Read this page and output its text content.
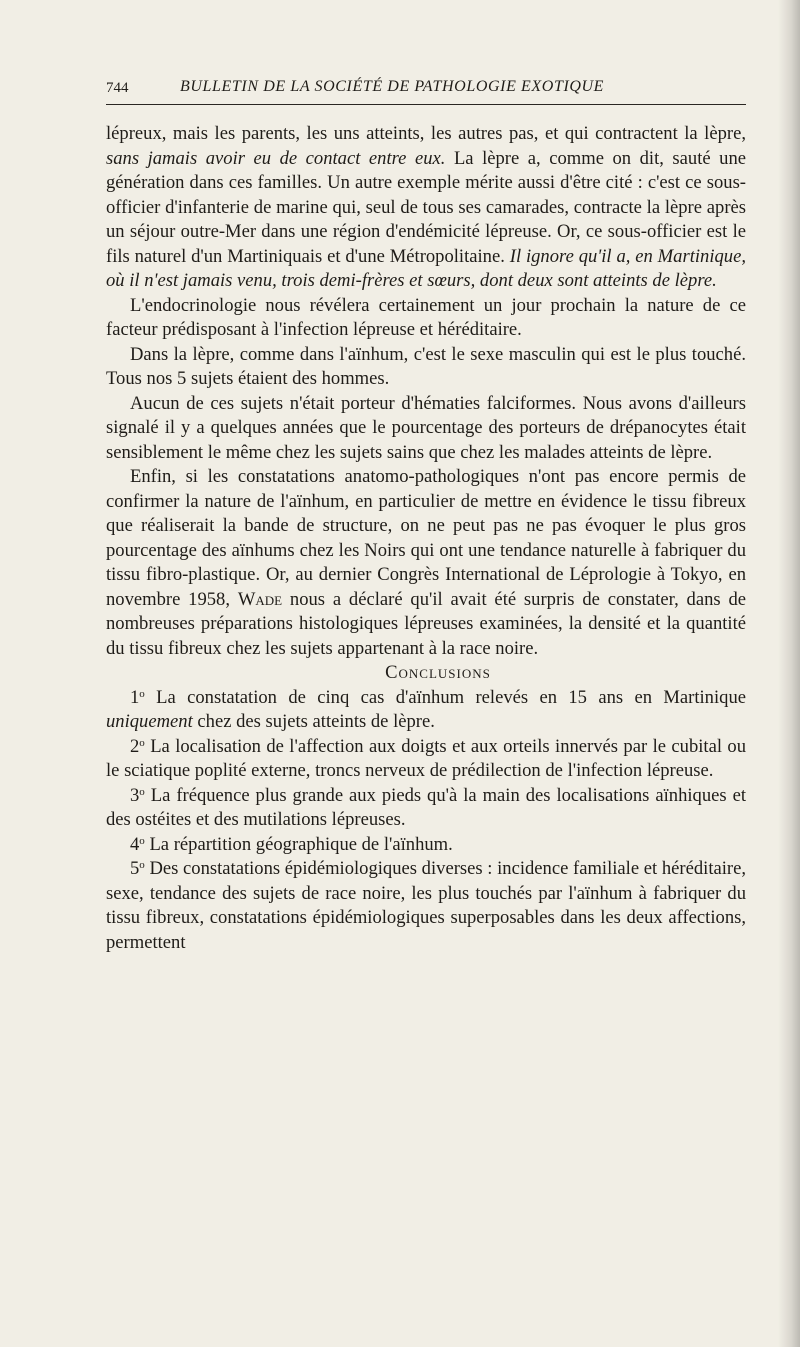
744	BULLETIN DE LA SOCIÉTÉ DE PATHOLOGIE EXOTIQUE

lépreux, mais les parents, les uns atteints, les autres pas, et qui contractent la lèpre, sans jamais avoir eu de contact entre eux. La lèpre a, comme on dit, sauté une génération dans ces familles. Un autre exemple mérite aussi d'être cité : c'est ce sous-officier d'infanterie de marine qui, seul de tous ses camarades, contracte la lèpre après un séjour outre-Mer dans une région d'endémicité lépreuse. Or, ce sous-officier est le fils naturel d'un Martiniquais et d'une Métropolitaine. Il ignore qu'il a, en Martinique, où il n'est jamais venu, trois demi-frères et sœurs, dont deux sont atteints de lèpre.

L'endocrinologie nous révélera certainement un jour prochain la nature de ce facteur prédisposant à l'infection lépreuse et héréditaire.

Dans la lèpre, comme dans l'aïnhum, c'est le sexe masculin qui est le plus touché. Tous nos 5 sujets étaient des hommes.

Aucun de ces sujets n'était porteur d'hématies falciformes. Nous avons d'ailleurs signalé il y a quelques années que le pourcentage des porteurs de drépanocytes était sensiblement le même chez les sujets sains que chez les malades atteints de lèpre.

Enfin, si les constatations anatomo-pathologiques n'ont pas encore permis de confirmer la nature de l'aïnhum, en particulier de mettre en évidence le tissu fibreux que réaliserait la bande de structure, on ne peut pas ne pas évoquer le plus gros pourcentage des aïnhums chez les Noirs qui ont une tendance naturelle à fabriquer du tissu fibro-plastique. Or, au dernier Congrès International de Léprologie à Tokyo, en novembre 1958, Wade nous a déclaré qu'il avait été surpris de constater, dans de nombreuses préparations histologiques lépreuses examinées, la densité et la quantité du tissu fibreux chez les sujets appartenant à la race noire.

Conclusions

1$^o$ La constatation de cinq cas d'aïnhum relevés en 15 ans en Martinique uniquement chez des sujets atteints de lèpre.

2$^o$ La localisation de l'affection aux doigts et aux orteils innervés par le cubital ou le sciatique poplité externe, troncs nerveux de prédilection de l'infection lépreuse.

3$^o$ La fréquence plus grande aux pieds qu'à la main des localisations aïnhiques et des ostéites et des mutilations lépreuses.

4$^o$ La répartition géographique de l'aïnhum.

5$^o$ Des constatations épidémiologiques diverses : incidence familiale et héréditaire, sexe, tendance des sujets de race noire, les plus touchés par l'aïnhum à fabriquer du tissu fibreux, constatations épidémiologiques superposables dans les deux affections, permettent
